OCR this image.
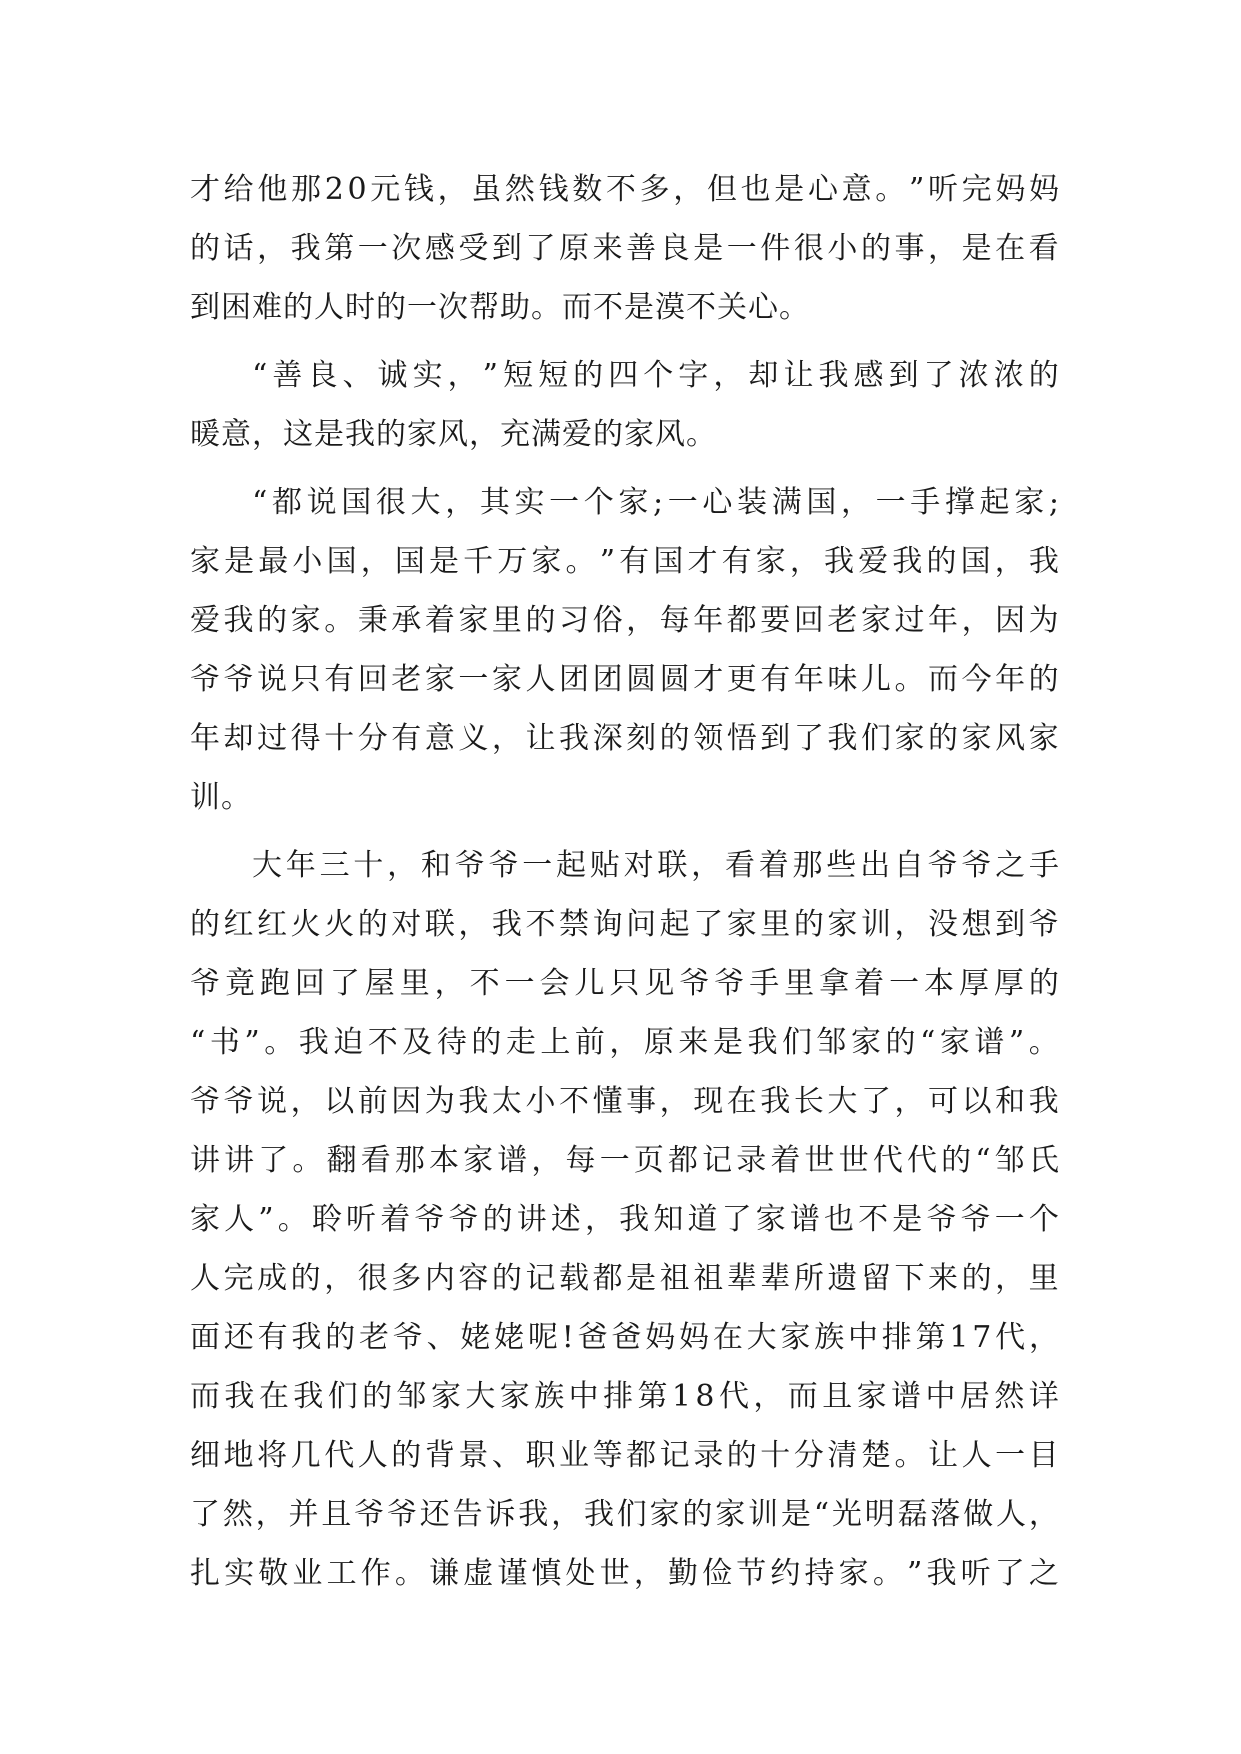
才 给 他 那 2 0 元 钱 ， 虽 然 钱 数 不 多 ， 但 也 是 心 意 。 ” 听 完 妈 妈
的 话 ， 我 第 一 次 感 受 到 了 原 来 善 良 是 一 件 很 小 的 事 ， 是 在 看
到困难的人时的一次帮助。而不是漠不关心。
“ 善 良 、 诚 实 ， ” 短 短 的 四 个 字 ， 却 让 我 感 到 了 浓 浓 的
暖意，这是我的家风，充满爱的家风。
“ 都 说 国 很 大 ， 其 实 一 个 家 ; 一 心 装 满 国 ， 一 手 撑 起 家 ;
家 是 最 小 国 ， 国 是 千 万 家 。 ” 有 国 才 有 家 ， 我 爱 我 的 国 ， 我
爱 我 的 家 。 秉 承 着 家 里 的 习 俗 ， 每 年 都 要 回 老 家 过 年 ， 因 为
爷 爷 说 只 有 回 老 家 一 家 人 团 团 圆 圆 才 更 有 年 味 儿 。 而 今 年 的
年 却 过 得 十 分 有 意 义 ， 让 我 深 刻 的 领 悟 到 了 我 们 家 的 家 风 家
训。
大 年 三 十 ， 和 爷 爷 一 起 贴 对 联 ， 看 着 那 些 出 自 爷 爷 之 手
的 红 红 火 火 的 对 联 ， 我 不 禁 询 问 起 了 家 里 的 家 训 ， 没 想 到 爷
爷 竟 跑 回 了 屋 里 ， 不 一 会 儿 只 见 爷 爷 手 里 拿 着 一 本 厚 厚 的
“ 书 ” 。 我 迫 不 及 待 的 走 上 前 ， 原 来 是 我 们 邹 家 的 “ 家 谱 ” 。
爷 爷 说 ， 以 前 因 为 我 太 小 不 懂 事 ， 现 在 我 长 大 了 ， 可 以 和 我
讲 讲 了 。 翻 看 那 本 家 谱 ， 每 一 页 都 记 录 着 世 世 代 代 的 “ 邹 氏
家 人 ” 。 聆 听 着 爷 爷 的 讲 述 ， 我 知 道 了 家 谱 也 不 是 爷 爷 一 个
人 完 成 的 ， 很 多 内 容 的 记 载 都 是 祖 祖 辈 辈 所 遗 留 下 来 的 ， 里
面 还 有 我 的 老 爷 、 姥 姥 呢 ! 爸 爸 妈 妈 在 大 家 族 中 排 第 1 7 代 ，
而 我 在 我 们 的 邹 家 大 家 族 中 排 第 1 8 代 ， 而 且 家 谱 中 居 然 详
细 地 将 几 代 人 的 背 景 、 职 业 等 都 记 录 的 十 分 清 楚 。 让 人 一 目
了 然 ， 并 且 爷 爷 还 告 诉 我 ， 我 们 家 的 家 训 是 “ 光 明 磊 落 做 人 ，
扎 实 敬 业 工 作 。 谦 虚 谨 慎 处 世 ， 勤 俭 节 约 持 家 。 ” 我 听 了 之
